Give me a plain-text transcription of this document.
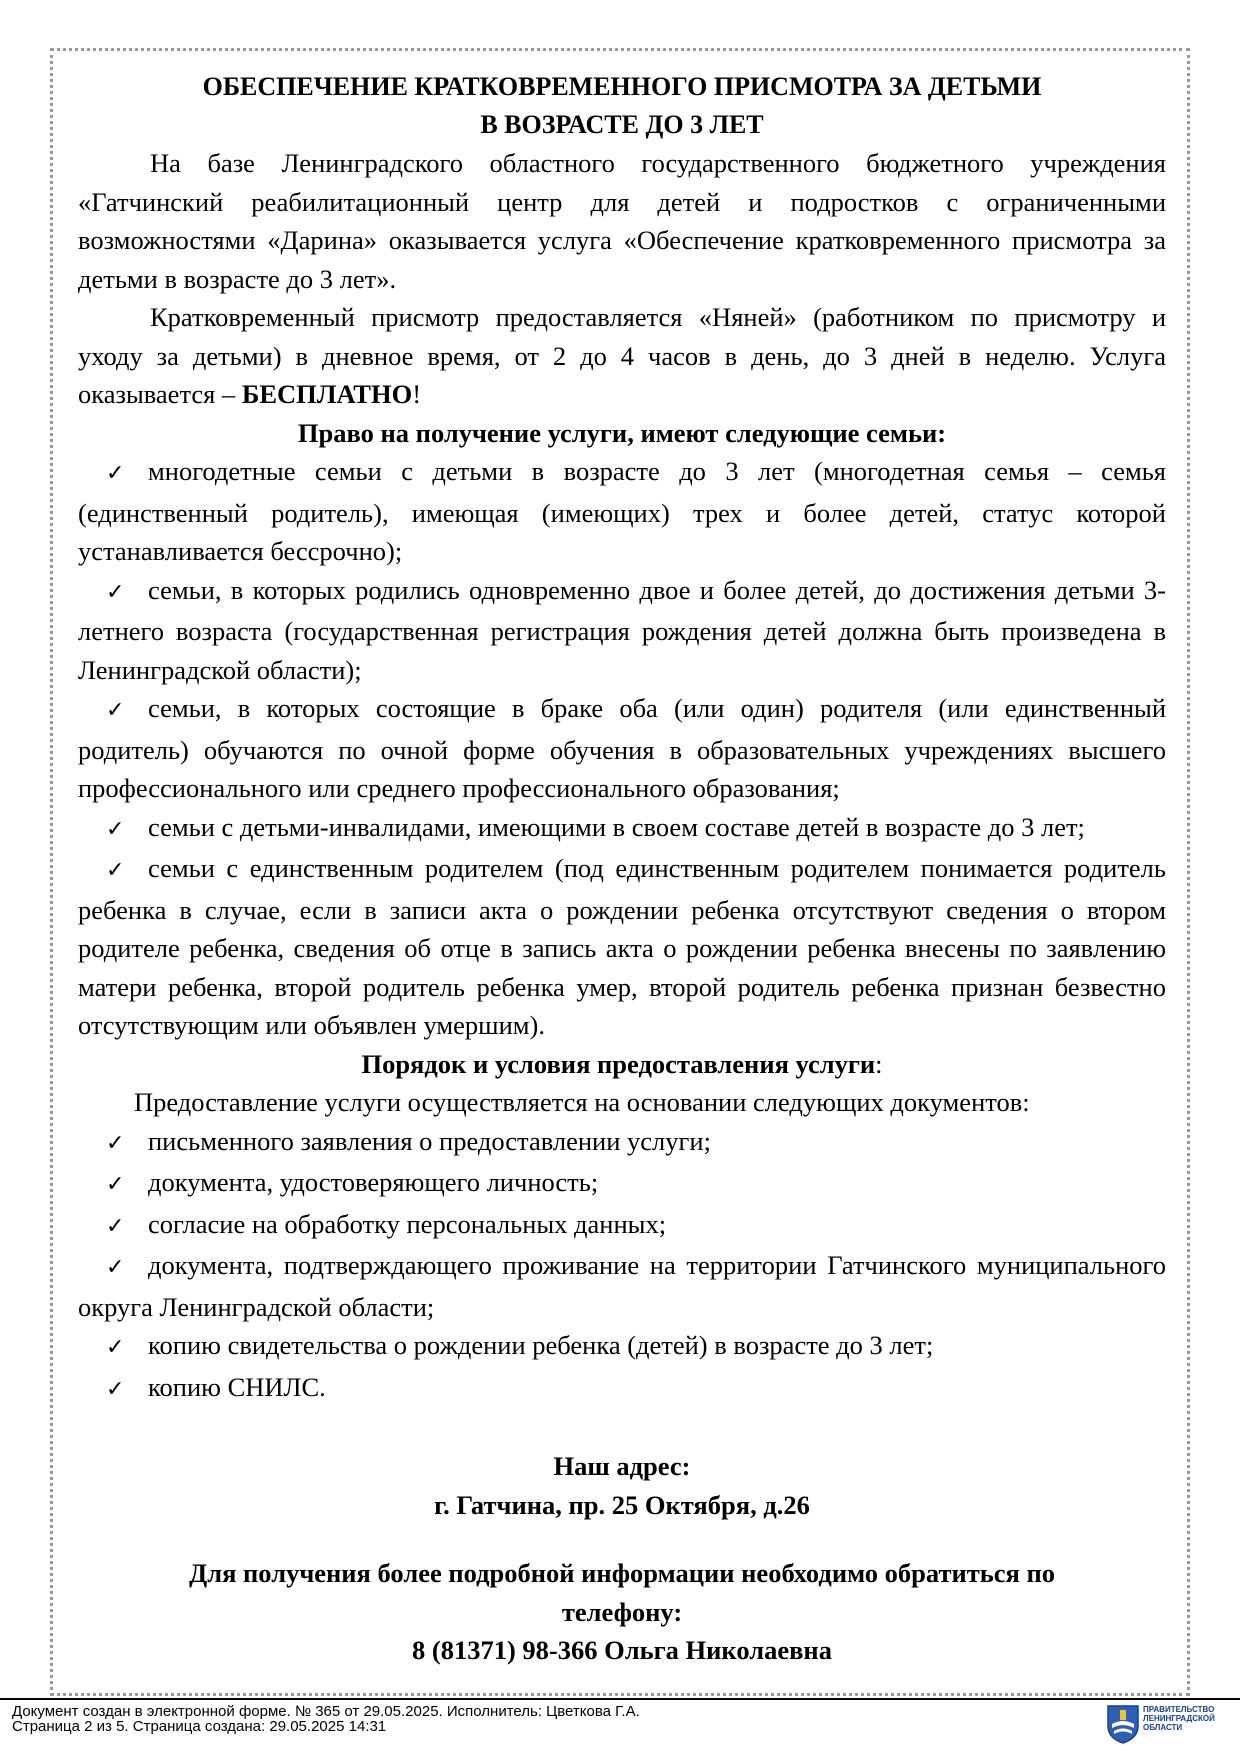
ОБЕСПЕЧЕНИЕ КРАТКОВРЕМЕННОГО ПРИСМОТРА ЗА ДЕТЬМИ

В ВОЗРАСТЕ ДО 3 ЛЕТ

На базе Ленинградского областного государственного бюджетного учреждения «Гатчинский реабилитационный центр для детей и подростков с ограниченными возможностями «Дарина» оказывается услуга «Обеспечение кратковременного присмотра за детьми в возрасте до 3 лет».

Кратковременный присмотр предоставляется «Няней» (работником по присмотру и уходу за детьми) в дневное время, от 2 до 4 часов в день, до 3 дней в неделю. Услуга оказывается – БЕСПЛАТНО!

Право на получение услуги, имеют следующие семьи:

✓ многодетные семьи с детьми в возрасте до 3 лет (многодетная семья – семья (единственный родитель), имеющая (имеющих) трех и более детей, статус которой устанавливается бессрочно);

✓ семьи, в которых родились одновременно двое и более детей, до достижения детьми 3-летнего возраста (государственная регистрация рождения детей должна быть произведена в Ленинградской области);

✓ семьи, в которых состоящие в браке оба (или один) родителя (или единственный родитель) обучаются по очной форме обучения в образовательных учреждениях высшего профессионального или среднего профессионального образования;

✓ семьи с детьми-инвалидами, имеющими в своем составе детей в возрасте до 3 лет;

✓ семьи с единственным родителем (под единственным родителем понимается родитель ребенка в случае, если в записи акта о рождении ребенка отсутствуют сведения о втором родителе ребенка, сведения об отце в запись акта о рождении ребенка внесены по заявлению матери ребенка, второй родитель ребенка умер, второй родитель ребенка признан безвестно отсутствующим или объявлен умершим).

Порядок и условия предоставления услуги:

Предоставление услуги осуществляется на основании следующих документов:

✓ письменного заявления о предоставлении услуги;

✓ документа, удостоверяющего личность;

✓ согласие на обработку персональных данных;

✓ документа, подтверждающего проживание на территории Гатчинского муниципального округа Ленинградской области;

✓ копию свидетельства о рождении ребенка (детей) в возрасте до 3 лет;

✓ копию СНИЛС.

Наш адрес:

г. Гатчина, пр. 25 Октября, д.26

Для получения более подробной информации необходимо обратиться по телефону:

8 (81371) 98-366 Ольга Николаевна

Документ создан в электронной форме. № 365 от 29.05.2025. Исполнитель: Цветкова Г.А.
Страница 2 из 5. Страница создана: 29.05.2025 14:31
ПРАВИТЕЛЬСТВО
ЛЕНИНГРАДСКОЙ
ОБЛАСТИ
